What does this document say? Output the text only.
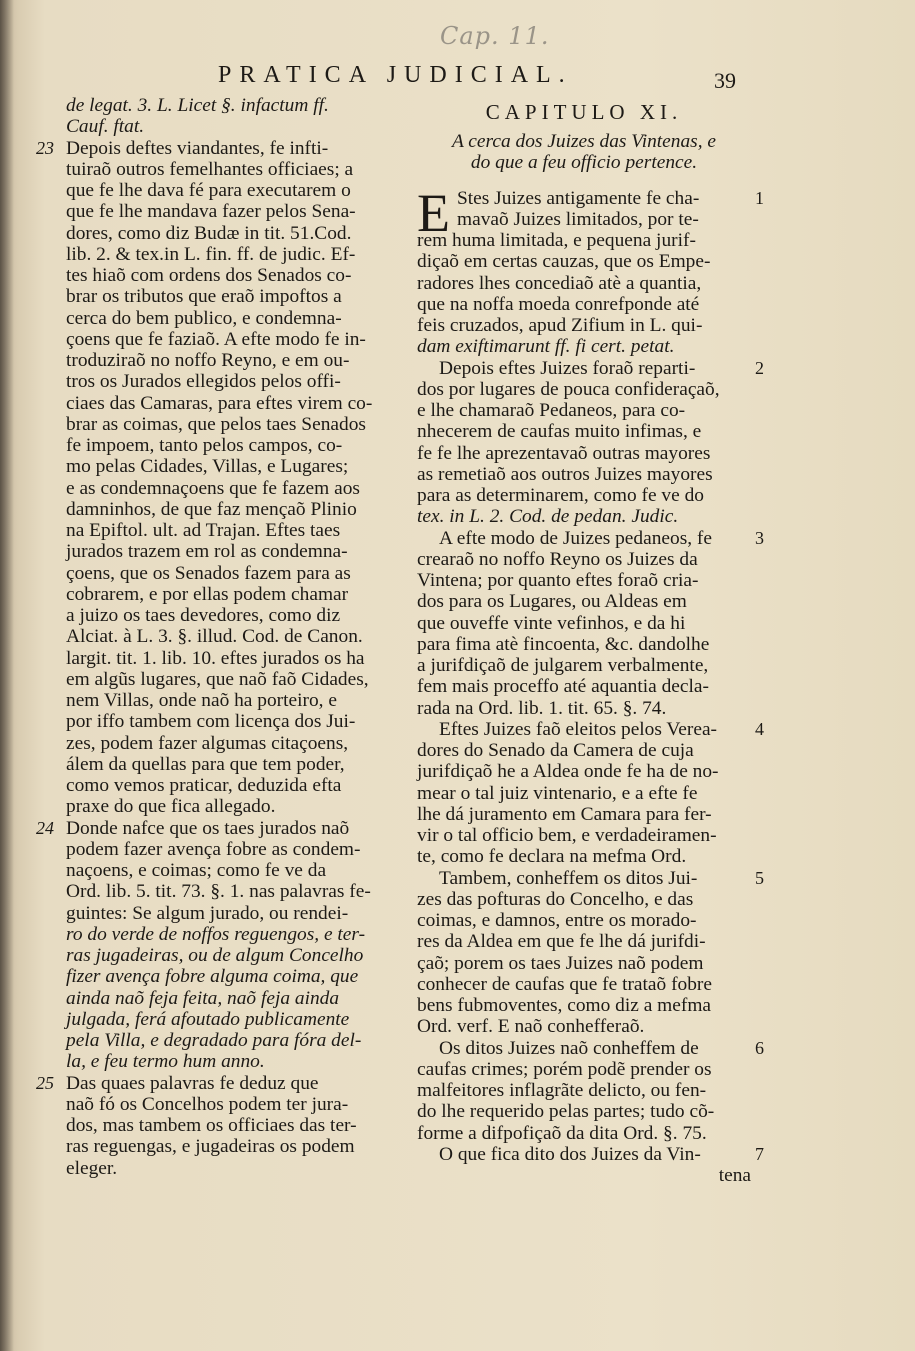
Cap. 11.
PRATICA JUDICIAL.	39
de legat. 3. L. Licet §. infactum ff.
Cauf. ftat.
Depois deftes viandantes, fe infti-
23
tuiraõ outros femelhantes officiaes; a
que fe lhe dava fé para executarem o
que fe lhe mandava fazer pelos Sena-
dores, como diz Budæ in tit. 51.Cod.
lib. 2. & tex.in L. fin. ff. de judic. Ef-
tes hiaõ com ordens dos Senados co-
brar os tributos que eraõ impoftos a
cerca do bem publico, e condemna-
çoens que fe faziaõ. A efte modo fe in-
troduziraõ no noffo Reyno, e em ou-
tros os Jurados ellegidos pelos offi-
ciaes das Camaras, para eftes virem co-
brar as coimas, que pelos taes Senados
fe impoem, tanto pelos campos, co-
mo pelas Cidades, Villas, e Lugares;
e as condemnaçoens que fe fazem aos
damninhos, de que faz mençaõ Plinio
na Epiftol. ult. ad Trajan. Eftes taes
jurados trazem em rol as condemna-
çoens, que os Senados fazem para as
cobrarem, e por ellas podem chamar
a juizo os taes devedores, como diz
Alciat. à L. 3. §. illud. Cod. de Canon.
largit. tit. 1. lib. 10. eftes jurados os ha
em algũs lugares, que naõ faõ Cidades,
nem Villas, onde naõ ha porteiro, e
por iffo tambem com licença dos Jui-
zes, podem fazer algumas citaçoens,
álem da quellas para que tem poder,
como vemos praticar, deduzida efta
praxe do que fica allegado.
Donde nafce que os taes jurados naõ
24
podem fazer avença fobre as condem-
naçoens, e coimas; como fe ve da
Ord. lib. 5. tit. 73. §. 1. nas palavras fe-
guintes: Se algum jurado, ou rendei-
ro do verde de noffos reguengos, e ter-
ras jugadeiras, ou de algum Concelho
fizer avença fobre alguma coima, que
ainda naõ feja feita, naõ feja ainda
julgada, ferá afoutado publicamente
pela Villa, e degradado para fóra del-
la, e feu termo hum anno.
Das quaes palavras fe deduz que
25
naõ fó os Concelhos podem ter jura-
dos, mas tambem os officiaes das ter-
ras reguengas, e jugadeiras os podem
eleger.
CAPITULO XI.
A cerca dos Juizes das Vintenas, e
do que a feu officio pertence.
E Stes Juizes antigamente fe cha-	1
mavaõ Juizes limitados, por te-
rem huma limitada, e pequena jurif-
diçaõ em certas cauzas, que os Empe-
radores lhes concediaõ atè a quantia,
que na noffa moeda conrefponde até
feis cruzados, apud Zifium in L. qui-
dam exiftimarunt ff. fi cert. petat.
Depois eftes Juizes foraõ reparti-	2
dos por lugares de pouca confideraçaõ,
e lhe chamaraõ Pedaneos, para co-
nhecerem de caufas muito infimas, e
fe fe lhe aprezentavaõ outras mayores
as remetiaõ aos outros Juizes mayores
para as determinarem, como fe ve do
tex. in L. 2. Cod. de pedan. Judic.
A efte modo de Juizes pedaneos, fe 3
crearaõ no noffo Reyno os Juizes da
Vintena; por quanto eftes foraõ cria-
dos para os Lugares, ou Aldeas em
que ouveffe vinte vefinhos, e da hi
para fima atè fincoenta, &c. dandolhe
a jurifdiçaõ de julgarem verbalmente,
fem mais proceffo até aquantia decla-
rada na Ord. lib. 1. tit. 65. §. 74.
Eftes Juizes faõ eleitos pelos Verea- 4
dores do Senado da Camera de cuja
jurifdiçaõ he a Aldea onde fe ha de no-
mear o tal juiz vintenario, e a efte fe
lhe dá juramento em Camara para fer-
vir o tal officio bem, e verdadeiramen-
te, como fe declara na mefma Ord.
Tambem, conheffem os ditos Jui-	5
zes das pofturas do Concelho, e das
coimas, e damnos, entre os morado-
res da Aldea em que fe lhe dá jurifdi-
çaõ; porem os taes Juizes naõ podem
conhecer de caufas que fe trataõ fobre
bens fubmoventes, como diz a mefma
Ord. verf. E naõ conhefferaõ.
Os ditos Juizes naõ conheffem de	6
caufas crimes; porém podẽ prender os
malfeitores inflagrãte delicto, ou fen-
do lhe requerido pelas partes; tudo cõ-
forme a difpofiçaõ da dita Ord. §. 75.
O que fica dito dos Juizes da Vin-	7
tena
